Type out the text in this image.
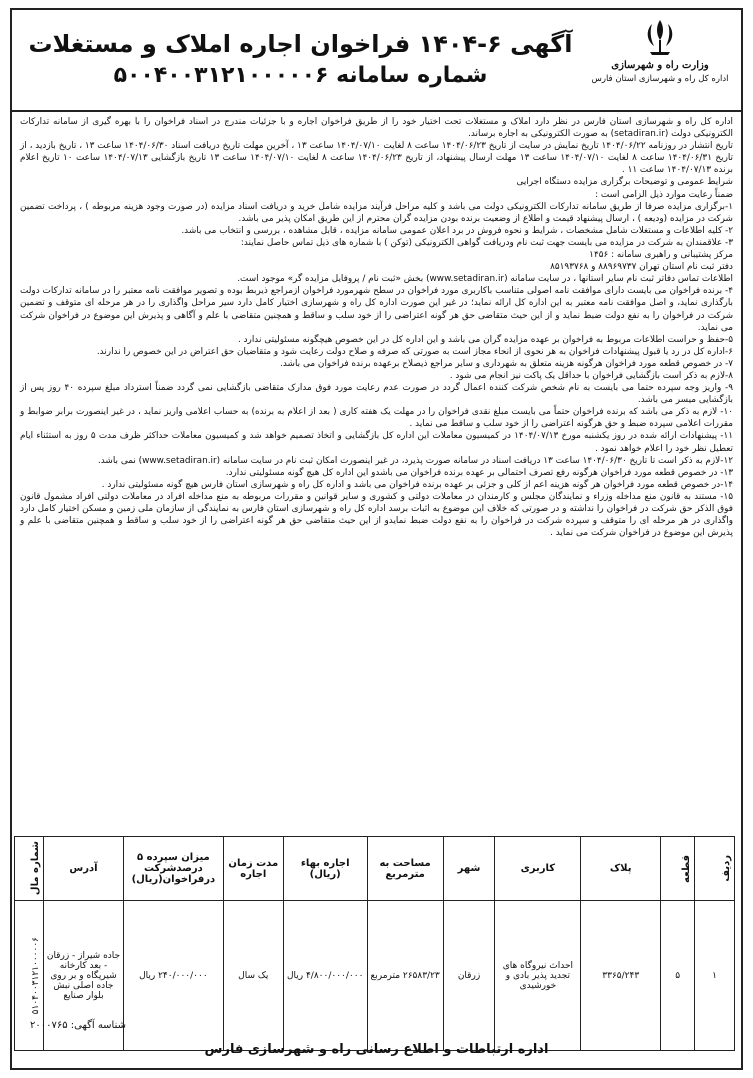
وزارت راه و شهرسازی
اداره کل راه و شهرسازی استان فارس
آگهی ۶-۱۴۰۴ فراخوان اجاره املاک و مستغلات
شماره سامانه ۵۰۰۴۰۰۳۱۲۱۰۰۰۰۰۶

اداره کل راه و شهرسازی استان فارس در نظر دارد املاک و مستغلات تحت اختیار خود را از طریق فراخوان اجاره و با جزئیات مندرج در اسناد فراخوان را با بهره گیری از سامانه تدارکات الکترونیکی دولت (setadiran.ir) به صورت الکترونیکی به اجاره برساند.

تاریخ انتشار در روزنامه ۱۴۰۴/۰۶/۲۲ تاریخ نمایش در سایت از تاریخ ۱۴۰۴/۰۶/۲۳ ساعت ۸ لغایت ۱۴۰۴/۰۷/۱۰ ساعت ۱۳ ، آخرین مهلت تاریخ دریافت اسناد ۱۴۰۴/۰۶/۳۰ ساعت ۱۳ ، تاریخ بازدید ، از تاریخ ۱۴۰۴/۰۶/۳۱ ساعت ۸ لغایت ۱۴۰۴/۰۷/۱۰ ساعت ۱۳ مهلت ارسال پیشنهاد، از تاریخ ۱۴۰۴/۰۶/۲۳ ساعت ۸ لغایت ۱۴۰۴/۰۷/۱۰ ساعت ۱۳ تاریخ بازگشایی ۱۴۰۴/۰۷/۱۳ ساعت ۱۰ تاریخ اعلام برنده ۱۴۰۴/۰۷/۱۳ ساعت ۱۱ .

شرایط عمومی و توضیحات برگزاری مزایده دستگاه اجرایی

ضمناً رعایت موارد ذیل الزامی است :

۱-برگزاری مزایده صرفا از طریق سامانه تدارکات الکترونیکی دولت می باشد و کلیه مراحل فرآیند مزایده شامل خرید و دریافت اسناد مزایده (در صورت وجود هزینه مربوطه ) ، پرداخت تضمین شرکت در مزایده (ودیعه ) ، ارسال پیشنهاد قیمت و اطلاع از وضعیت برنده بودن مزایده گران محترم از این طریق امکان پذیر می باشد.

۲- کلیه اطلاعات و مستغلات شامل مشخصات ، شرایط و نحوه فروش در برد اعلان عمومی سامانه مزایده ، قابل مشاهده ، بررسی و انتخاب می باشد.

۳- علاقمندان به شرکت در مزایده می بایست جهت ثبت نام ودریافت گواهی الکترونیکی (توکن ) با شماره های ذیل تماس حاصل نمایند:

مرکز پشتیبانی و راهبری سامانه : ۱۴۵۶

دفتر ثبت نام استان تهران ۸۸۹۶۹۷۳۷ و ۸۵۱۹۳۷۶۸

اطلاعات تماس دفاتر ثبت نام سایر استانها ، در سایت سامانه (www.setadiran.ir) بخش «ثبت نام / پروفایل مزایده گر» موجود است.

۴- برنده فراخوان می بایست دارای موافقت نامه اصولی متناسب باکاربری مورد فراخوان در سطح شهرمورد فراخوان ازمراجع ذیربط بوده و تصویر موافقت نامه معتبر را در سامانه تدارکات دولت بارگذاری نماید، و اصل موافقت نامه معتبر به این اداره کل ارائه نماید؛ در غیر این صورت اداره کل راه و شهرسازی اختیار کامل دارد سیر مراحل واگذاری را در هر مرحله ای متوقف و تضمین شرکت در فراخوان را به نفع دولت ضبط نماید و از این حیث متقاضی حق هر گونه اعتراضی را از خود سلب و ساقط و همچنین متقاضی با علم و آگاهی و پذیرش این موضوع در فراخوان شرکت می نماید.

۵-حفظ و حراست اطلاعات مربوط به فراخوان بر عهده مزایده گران می باشد و این اداره کل در این خصوص هیچگونه مسئولیتی ندارد .

۶-اداره کل در رد یا قبول پیشنهادات فراخوان به هر نحوی از انحاء مجاز است به صورتی که صرفه و صلاح دولت رعایت شود و متقاضیان حق اعتراض در این خصوص را ندارند.

۷- در خصوص قطعه مورد فراخوان هرگونه هزینه متعلق به شهرداری و سایر مراجع ذیصلاح برعهده برنده فراخوان می باشد.

۸-لازم به ذکر است بازگشایی فراخوان با حداقل یک پاکت نیز انجام می شود .

۹- واریز وجه سپرده حتما می بایست به نام شخص شرکت کننده اعمال گردد در صورت عدم رعایت مورد فوق مدارک متقاضی بازگشایی نمی گردد ضمناً استرداد مبلغ سپرده ۴۰ روز پس از بازگشایی میسر می باشد.

۱۰- لازم به ذکر می باشد که برنده فراخوان حتماً می بایست مبلغ نقدی فراخوان را در مهلت یک هفته کاری ( بعد از اعلام به برنده) به حساب اعلامی واریز نماید ، در غیر اینصورت برابر ضوابط و مقررات اعلامی سپرده ضبط و حق هرگونه اعتراضی را از خود سلب و ساقط می نماید .

۱۱- پیشنهادات ارائه شده در روز یکشنبه مورخ ۱۴۰۴/۰۷/۱۳ در کمیسیون معاملات این اداره کل بازگشایی و اتخاذ تصمیم خواهد شد و کمیسیون معاملات حداکثر ظرف مدت ۵ روز به استثناء ایام تعطیل نظر خود را اعلام خواهد نمود .

۱۲-لازم به ذکر است تا تاریخ ۱۴۰۴/۰۶/۳۰ ساعت ۱۳ دریافت اسناد در سامانه صورت پذیرد، در غیر اینصورت امکان ثبت نام در سایت سامانه (www.setadiran.ir) نمی باشد.

۱۳- در خصوص قطعه مورد فراخوان هرگونه رفع تصرف احتمالی بر عهده برنده فراخوان می باشدو این اداره کل هیچ گونه مسئولیتی ندارد.

۱۴-در خصوص قطعه مورد فراخوان هر گونه هزینه اعم از کلی و جزئی بر عهده برنده فراخوان می باشد و اداره کل راه و شهرسازی استان فارس هیچ گونه مسئولیتی ندارد .

۱۵- مستند به قانون منع مداخله وزراء و نمایندگان مجلس و کارمندان در معاملات دولتی و کشوری و سایر قوانین و مقررات مربوطه به منع مداخله افراد در معاملات دولتی افراد مشمول قانون فوق الذکر حق شرکت در فراخوان را نداشته و در صورتی که خلاف این موضوع به اثبات برسد اداره کل راه و شهرسازی استان فارس به نمایندگی از سازمان ملی زمین و مسکن اختیار کامل دارد واگذاری در هر مرحله ای را متوقف و سپرده شرکت در فراخوان را به نفع دولت ضبط نمایدو از این حیث متقاضی حق هر گونه اعتراضی را از خود سلب و ساقط و همچنین متقاضی با علم و پذیرش این موضوع در فراخوان شرکت می نماید .

ردیف	قطعه	پلاک	کاربری	شهر	مساحت به مترمربع	اجاره بهاء (ریال)	مدت زمان اجاره	میزان سپرده ۵ درصدشرکت درفراخوان(ریال)	آدرس	شماره مال

۱	۵	۳۳۶۵/۲۴۳	احداث نیروگاه های تجدید پذیر بادی و خورشیدی	زرقان	۲۶۵۸۳/۲۳ مترمربع	۴/۸۰۰/۰۰۰/۰۰۰ ریال	یک سال	۲۴۰/۰۰۰/۰۰۰ ریال	جاده شیراز - زرقان - بعد کارخانه شیرپگاه و بر روی جاده اصلی نبش بلوار صنایع	۵۱۰۴۰۰۳۱۲۱۰۰۰۰۰۶
شناسه آگهی: ۲۰۰۰۷۶۵
اداره ارتباطات و اطلاع رسانی راه و شهرسازی فارس
